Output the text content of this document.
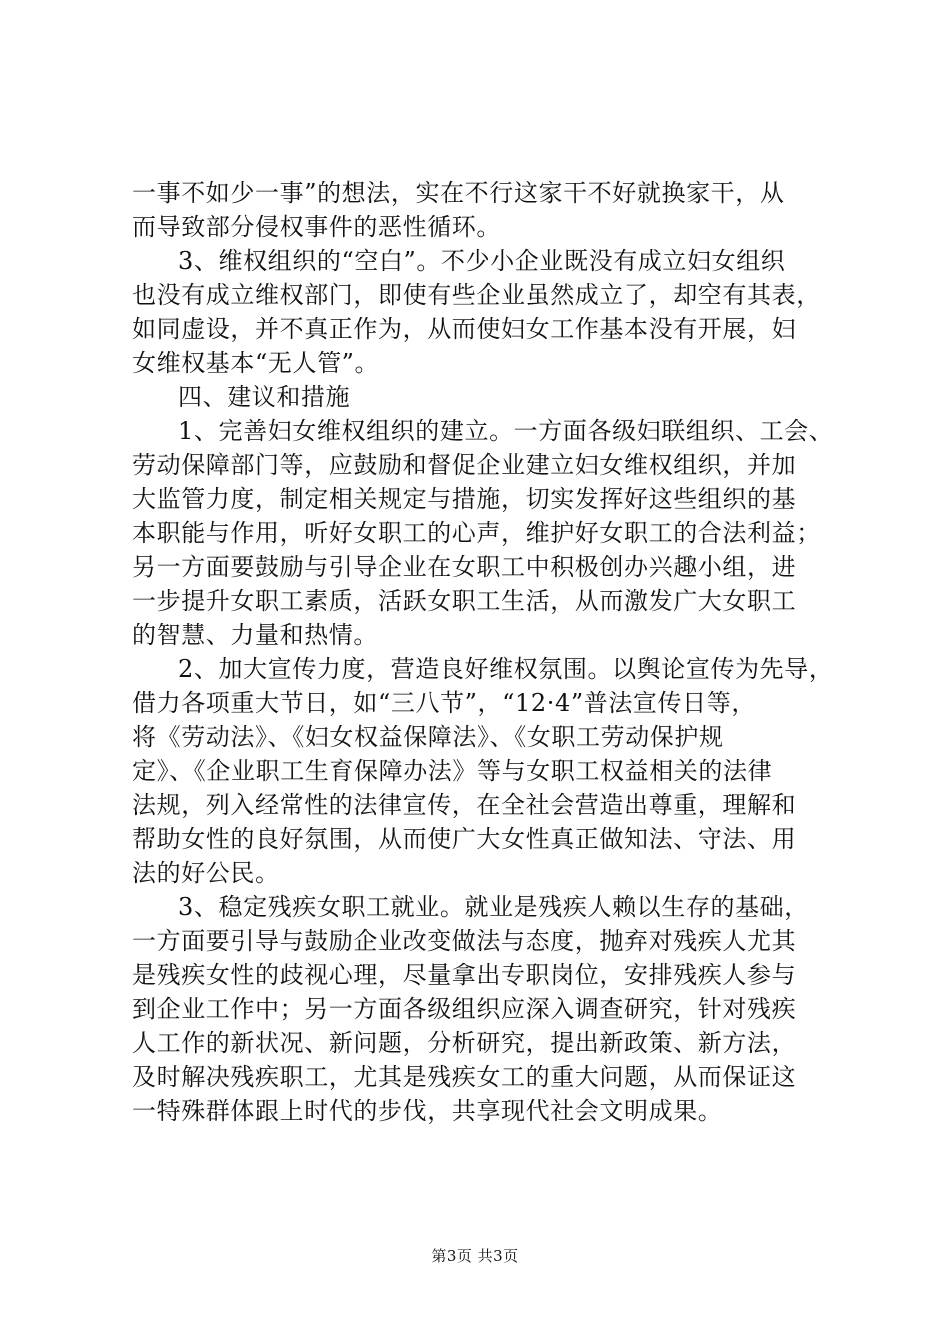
一事不如少一事”的想法，实在不行这家干不好就换家干，从
而导致部分侵权事件的恶性循环。
3、维权组织的“空白”。不少小企业既没有成立妇女组织
也没有成立维权部门，即使有些企业虽然成立了，却空有其表，
如同虚设，并不真正作为，从而使妇女工作基本没有开展，妇
女维权基本“无人管”。
四、建议和措施
1、完善妇女维权组织的建立。一方面各级妇联组织、工会、
劳动保障部门等，应鼓励和督促企业建立妇女维权组织，并加
大监管力度，制定相关规定与措施，切实发挥好这些组织的基
本职能与作用，听好女职工的心声，维护好女职工的合法利益；
另一方面要鼓励与引导企业在女职工中积极创办兴趣小组，进
一步提升女职工素质，活跃女职工生活，从而激发广大女职工
的智慧、力量和热情。
2、加大宣传力度，营造良好维权氛围。以舆论宣传为先导，
借力各项重大节日，如“三八节”，“12·4”普法宣传日等，
将《劳动法》、《妇女权益保障法》、《女职工劳动保护规
定》、《企业职工生育保障办法》等与女职工权益相关的法律
法规，列入经常性的法律宣传，在全社会营造出尊重，理解和
帮助女性的良好氛围，从而使广大女性真正做知法、守法、用
法的好公民。
3、稳定残疾女职工就业。就业是残疾人赖以生存的基础，
一方面要引导与鼓励企业改变做法与态度，抛弃对残疾人尤其
是残疾女性的歧视心理，尽量拿出专职岗位，安排残疾人参与
到企业工作中；另一方面各级组织应深入调查研究，针对残疾
人工作的新状况、新问题，分析研究，提出新政策、新方法，
及时解决残疾职工，尤其是残疾女工的重大问题，从而保证这
一特殊群体跟上时代的步伐，共享现代社会文明成果。
第3页 共3页
